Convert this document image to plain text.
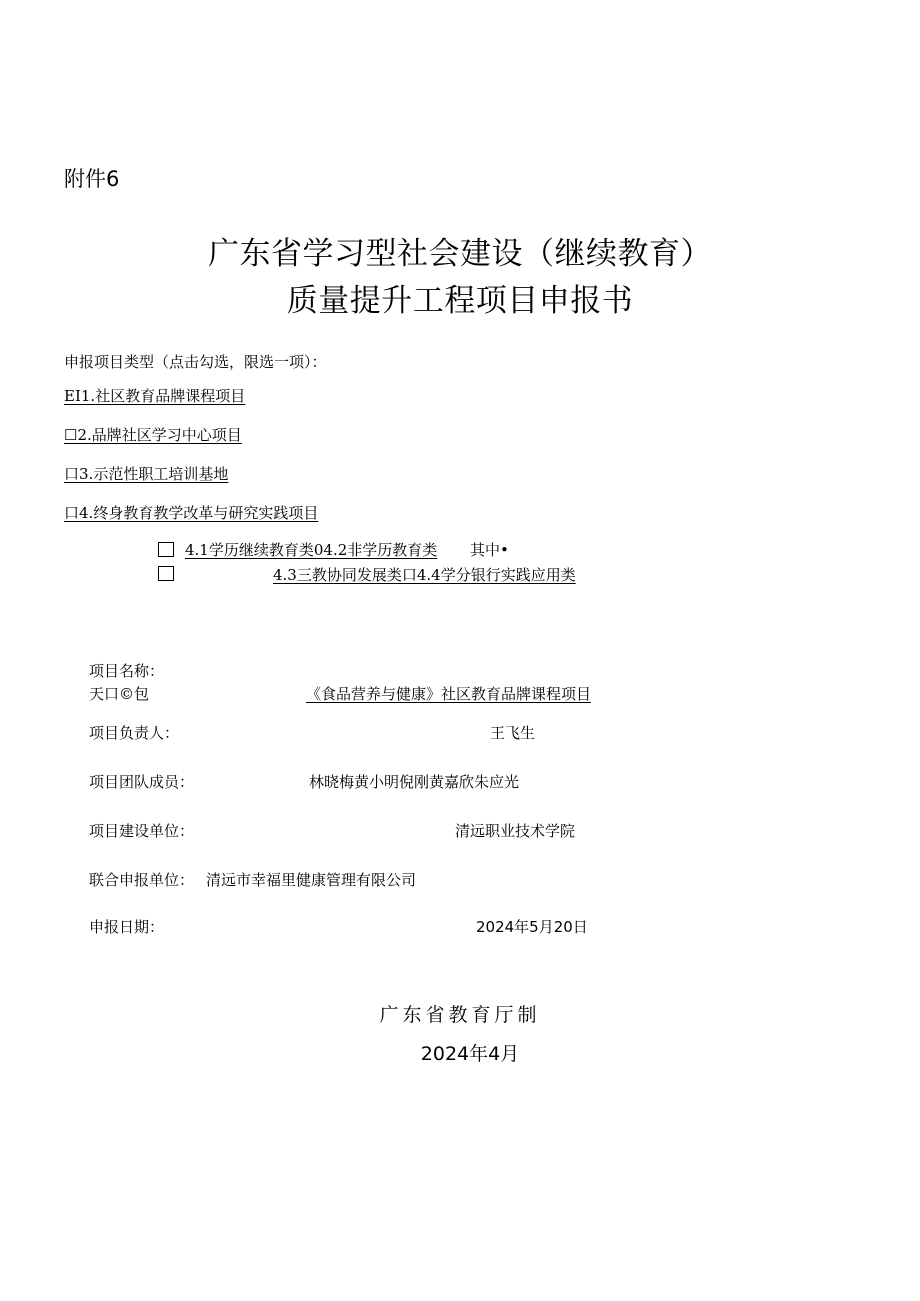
附件6
广东省学习型社会建设（继续教育）
质量提升工程项目申报书
申报项目类型（点击勾选，限选一项）：
EI1.社区教育品牌课程项目
☐2.品牌社区学习中心项目
口3.示范性职工培训基地
口4.终身教育教学改革与研究实践项目
4.1学历继续教育类04.2非学历教育类 其中•
4.3三教协同发展类口4.4学分银行实践应用类
项目名称：
天口©包	《食品营养与健康》社区教育品牌课程项目
项目负责人：	王飞生
项目团队成员：	林晓梅黄小明倪刚黄嘉欣朱应光
项目建设单位：	清远职业技术学院
联合申报单位： 清远市幸福里健康管理有限公司
申报日期：	2024年5月20日
广东省教育厅制
2024年4月
